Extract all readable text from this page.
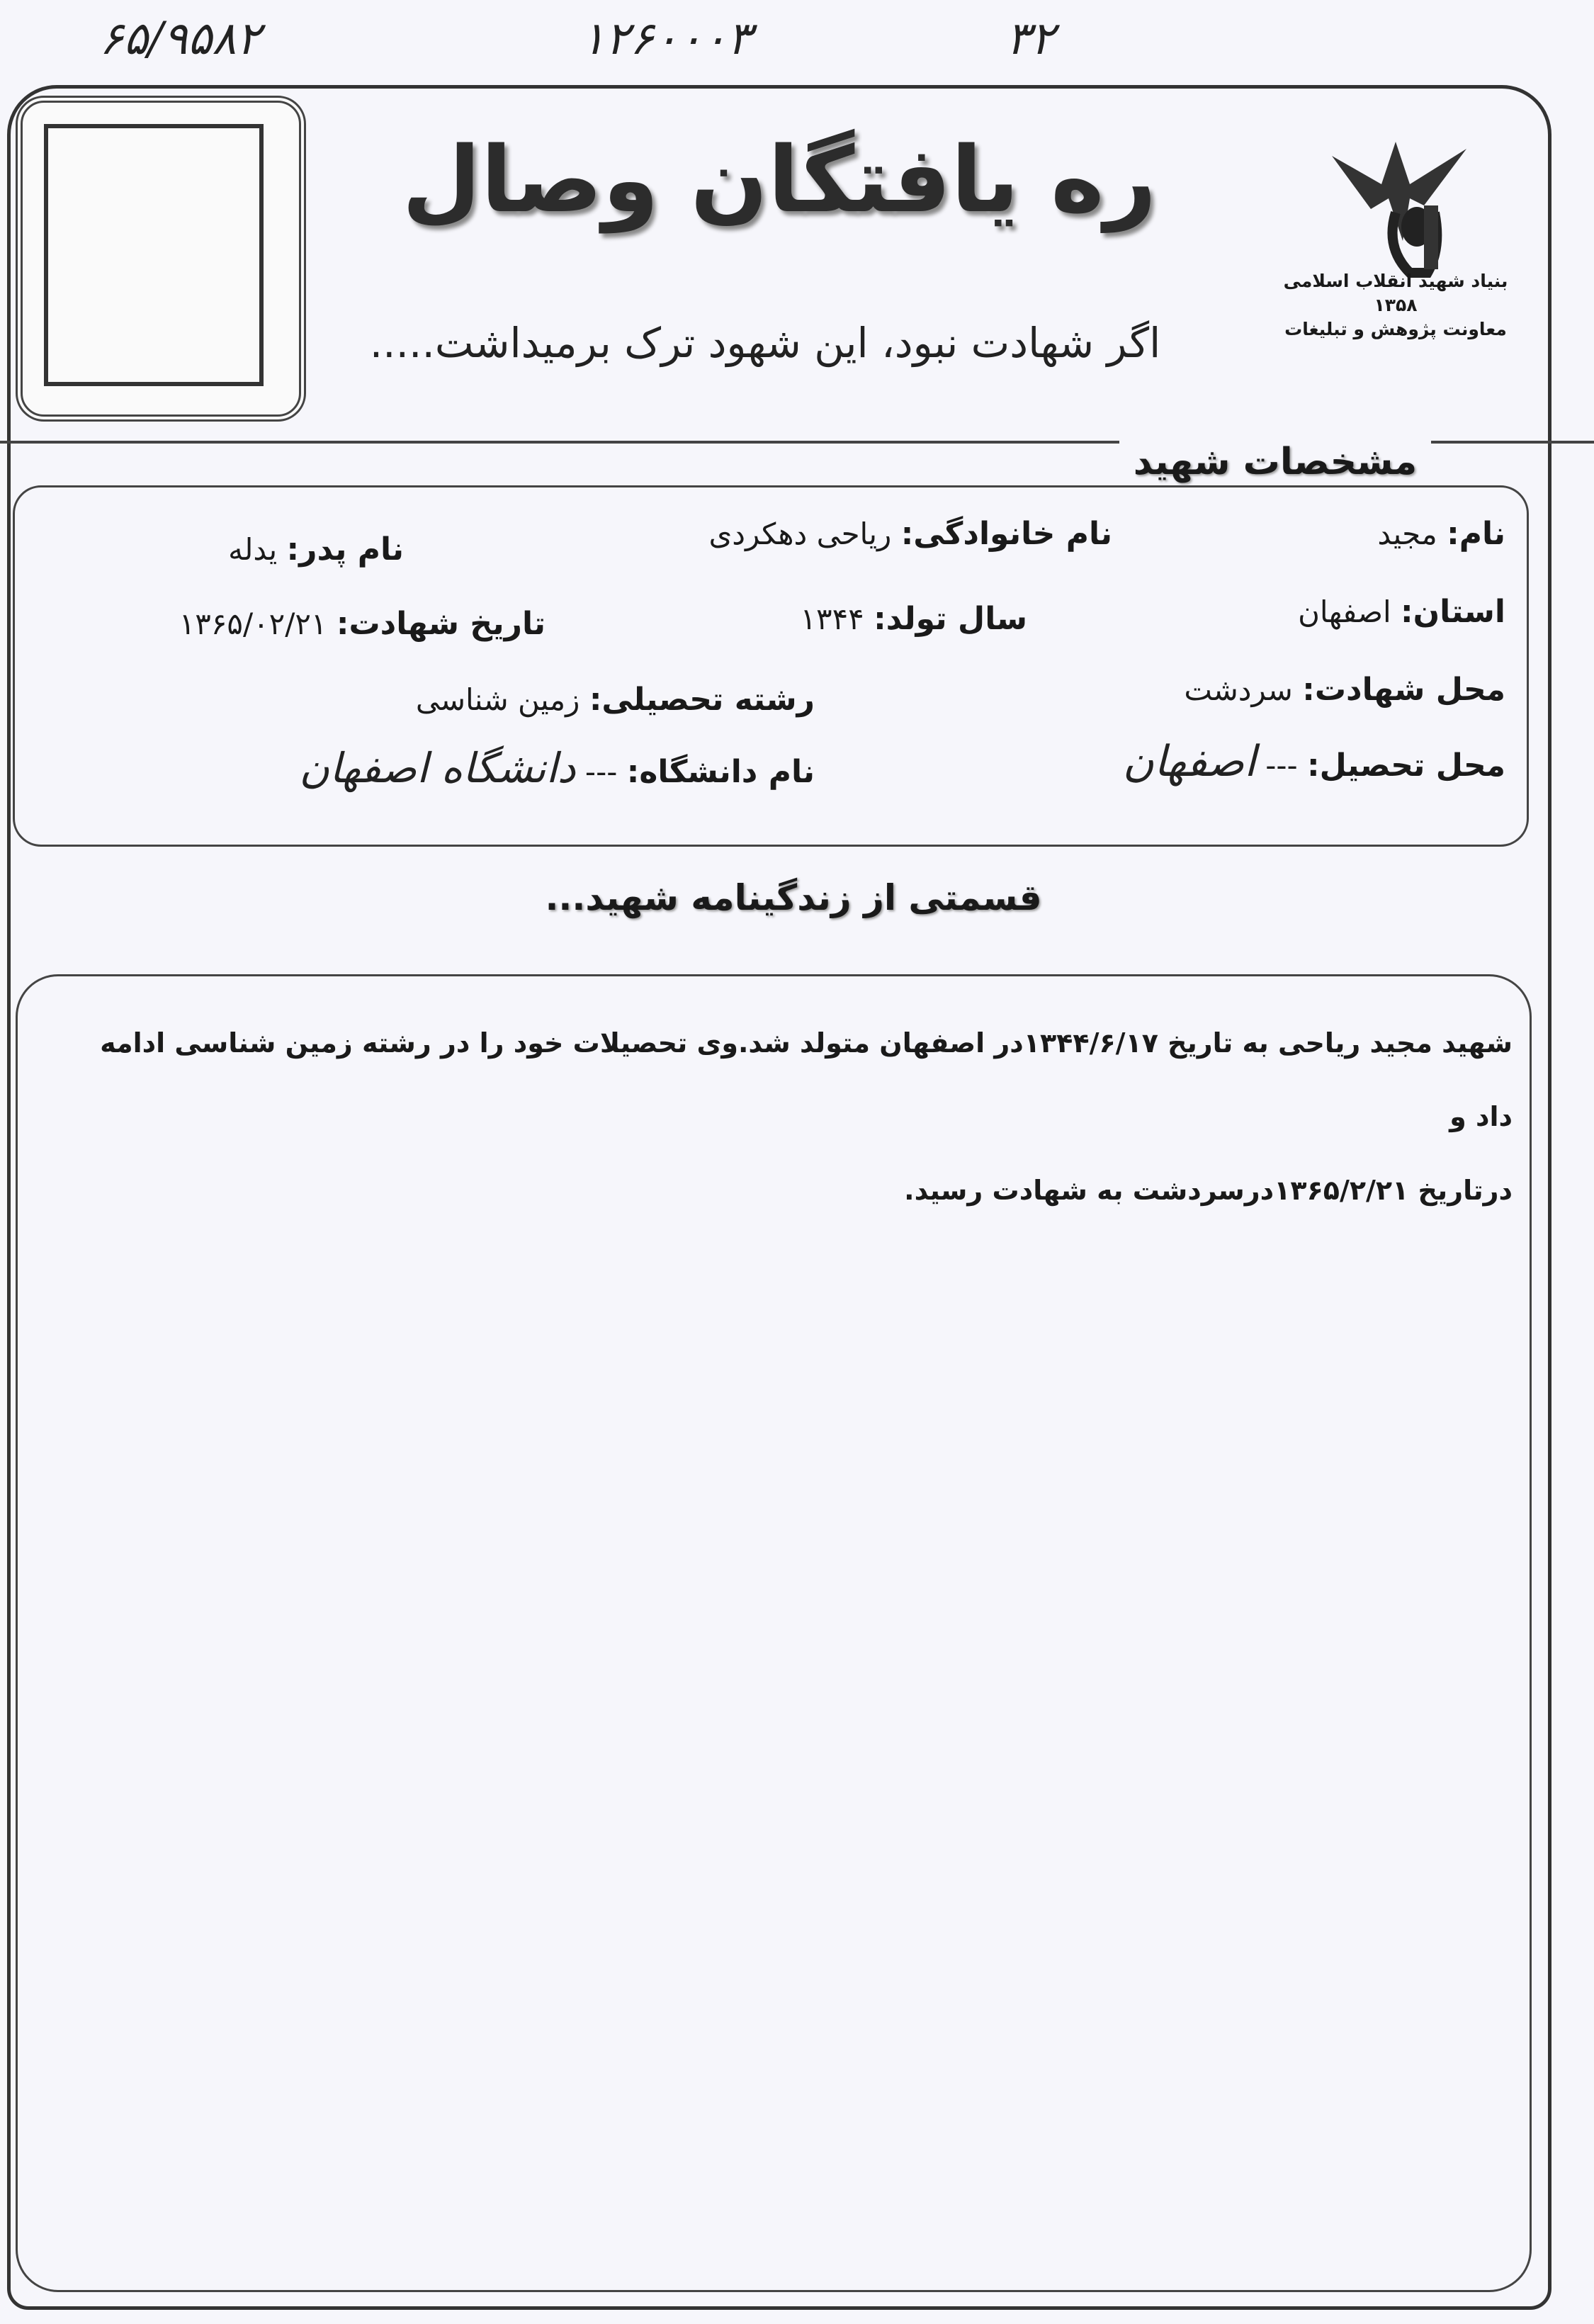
۶۵/۹۵۸۲	۱۲۶۰۰۰۳	۳۲
بنیاد شهید انقلاب اسلامی
۱۳۵۸
معاونت پژوهش و تبلیغات
ره یافتگان وصال
اگر شهادت نبود، این شهود ترک برمیداشت.....
مشخصات شهید
نام: مجید
نام خانوادگی: ریاحی دهکردی
نام پدر: یدله
استان: اصفهان
سال تولد: ۱۳۴۴
تاریخ شهادت: ۱۳۶۵/۰۲/۲۱
محل شهادت: سردشت
رشته تحصیلی: زمین شناسی
محل تحصیل: --- اصفهان
نام دانشگاه: --- دانشگاه اصفهان
قسمتی از زندگینامه شهید...
شهید مجید ریاحی به تاریخ ۱۳۴۴/۶/۱۷در اصفهان متولد شد.وی تحصیلات خود را در رشته زمین شناسی ادامه داد و
درتاریخ ۱۳۶۵/۲/۲۱درسردشت به شهادت رسید.
